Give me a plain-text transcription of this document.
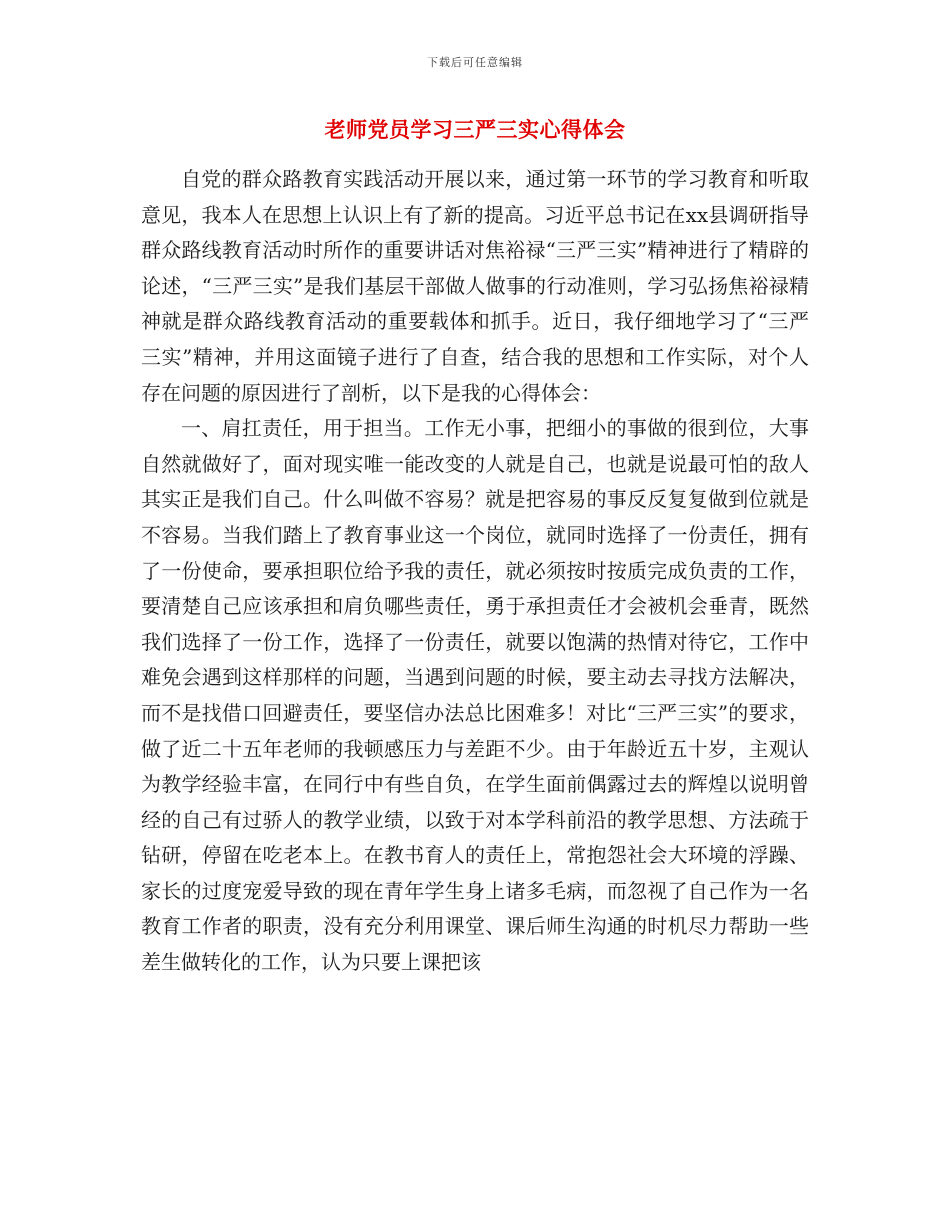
下载后可任意编辑
老师党员学习三严三实心得体会

自党的群众路教育实践活动开展以来，通过第一环节的学习教育和听取意见，我本人在思想上认识上有了新的提高。习近平总书记在xx县调研指导群众路线教育活动时所作的重要讲话对焦裕禄“三严三实”精神进行了精辟的论述，“三严三实”是我们基层干部做人做事的行动准则，学习弘扬焦裕禄精神就是群众路线教育活动的重要载体和抓手。近日，我仔细地学习了“三严三实”精神，并用这面镜子进行了自查，结合我的思想和工作实际，对个人存在问题的原因进行了剖析，以下是我的心得体会：

一、肩扛责任，用于担当。工作无小事，把细小的事做的很到位，大事自然就做好了，面对现实唯一能改变的人就是自己，也就是说最可怕的敌人其实正是我们自己。什么叫做不容易？就是把容易的事反反复复做到位就是不容易。当我们踏上了教育事业这一个岗位，就同时选择了一份责任，拥有了一份使命，要承担职位给予我的责任，就必须按时按质完成负责的工作，要清楚自己应该承担和肩负哪些责任，勇于承担责任才会被机会垂青，既然我们选择了一份工作，选择了一份责任，就要以饱满的热情对待它，工作中难免会遇到这样那样的问题，当遇到问题的时候，要主动去寻找方法解决，而不是找借口回避责任，要坚信办法总比困难多！对比“三严三实”的要求，做了近二十五年老师的我顿感压力与差距不少。由于年龄近五十岁，主观认为教学经验丰富，在同行中有些自负，在学生面前偶露过去的辉煌以说明曾经的自己有过骄人的教学业绩，以致于对本学科前沿的教学思想、方法疏于钻研，停留在吃老本上。在教书育人的责任上，常抱怨社会大环境的浮躁、家长的过度宠爱导致的现在青年学生身上诸多毛病，而忽视了自己作为一名教育工作者的职责，没有充分利用课堂、课后师生沟通的时机尽力帮助一些差生做转化的工作，认为只要上课把该
